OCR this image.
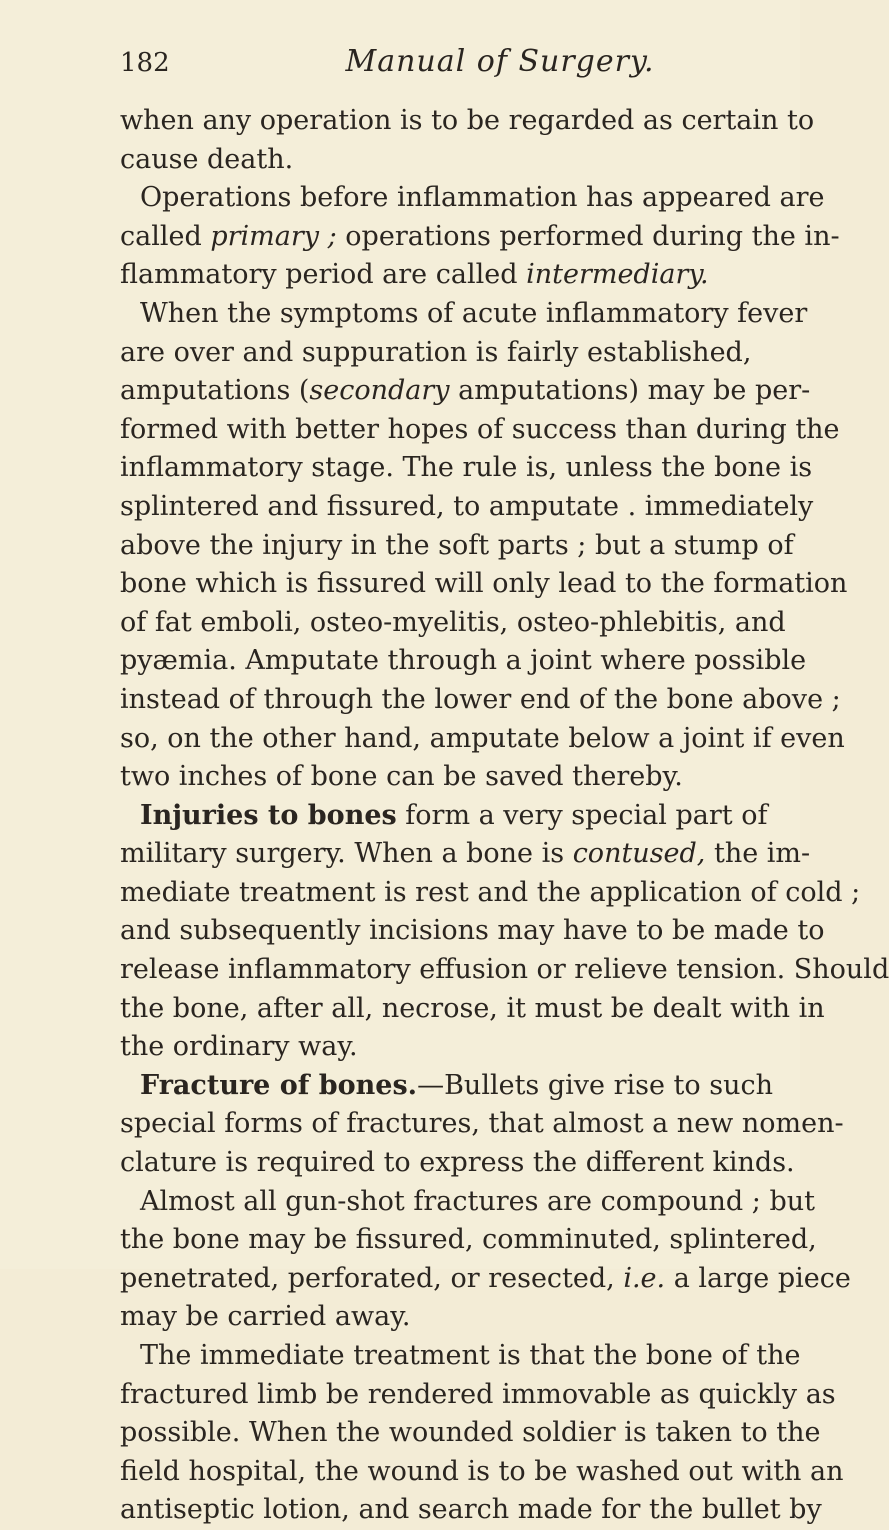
182	Manual of Surgery.
when any operation is to be regarded as certain to
cause death.
Operations before inflammation has appeared are
called primary ; operations performed during the in-
flammatory period are called intermediary.
When the symptoms of acute inflammatory fever
are over and suppuration is fairly established,
amputations (secondary amputations) may be per-
formed with better hopes of success than during the
inflammatory stage. The rule is, unless the bone is
splintered and fissured, to amputate . immediately
above the injury in the soft parts ; but a stump of
bone which is fissured will only lead to the formation
of fat emboli, osteo-myelitis, osteo-phlebitis, and
pyæmia. Amputate through a joint where possible
instead of through the lower end of the bone above ;
so, on the other hand, amputate below a joint if even
two inches of bone can be saved thereby.
Injuries to bones form a very special part of
military surgery. When a bone is contused, the im-
mediate treatment is rest and the application of cold ;
and subsequently incisions may have to be made to
release inflammatory effusion or relieve tension. Should
the bone, after all, necrose, it must be dealt with in
the ordinary way.
Fracture of bones.—Bullets give rise to such
special forms of fractures, that almost a new nomen-
clature is required to express the different kinds.
Almost all gun-shot fractures are compound ; but
the bone may be fissured, comminuted, splintered,
penetrated, perforated, or resected, i.e. a large piece
may be carried away.
The immediate treatment is that the bone of the
fractured limb be rendered immovable as quickly as
possible. When the wounded soldier is taken to the
field hospital, the wound is to be washed out with an
antiseptic lotion, and search made for the bullet by
